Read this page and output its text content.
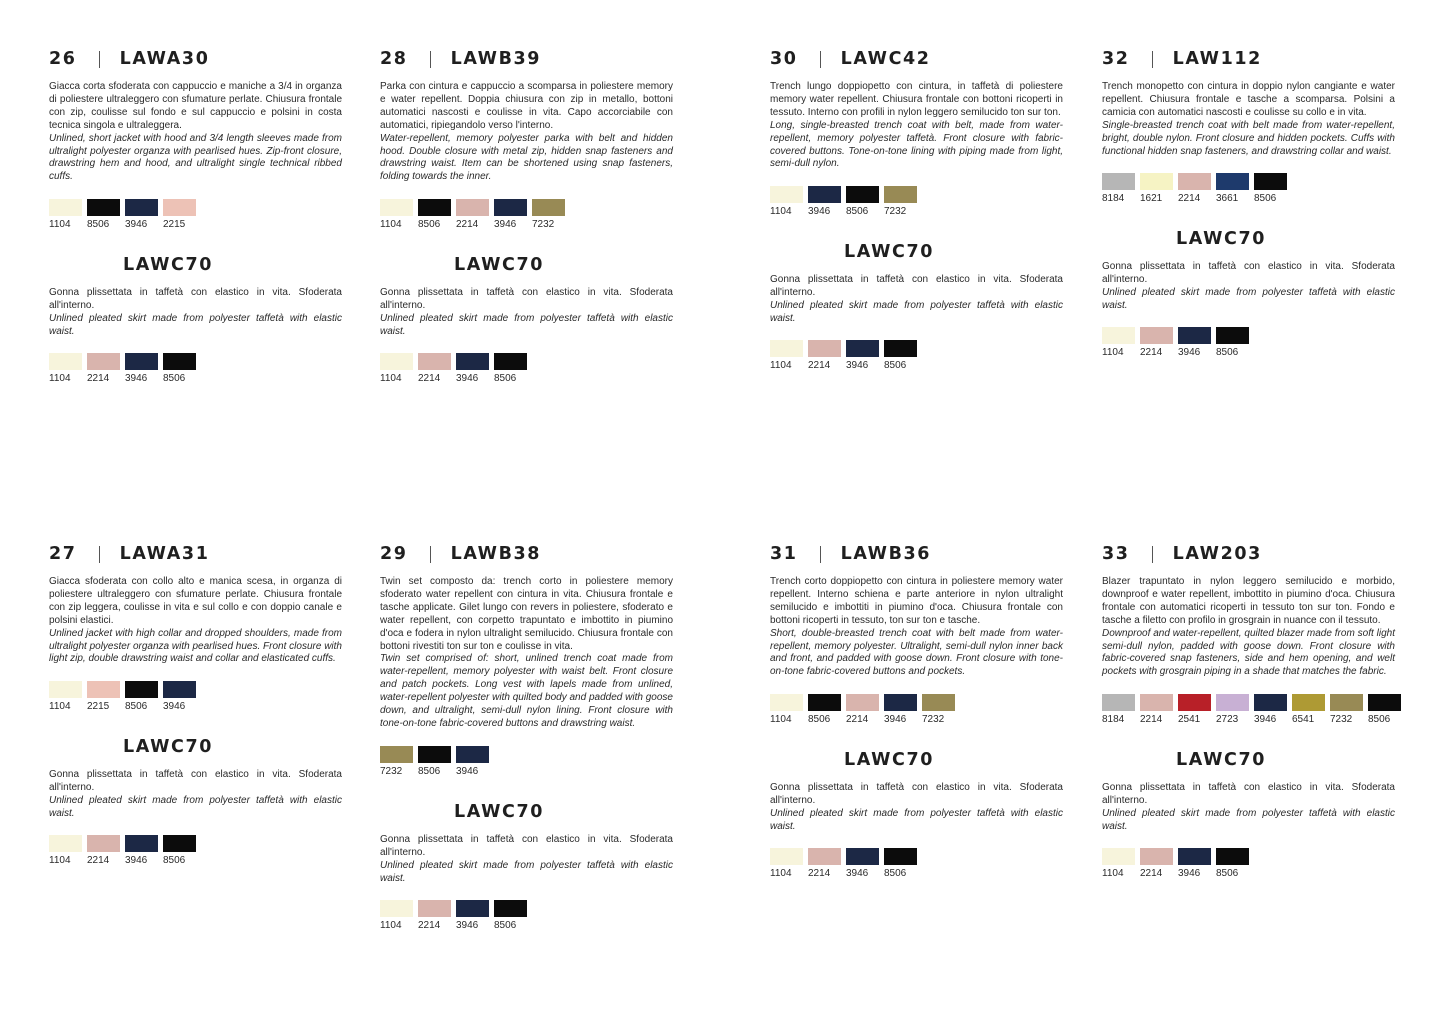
26 LAWA30

Giacca corta sfoderata con cappuccio e maniche a 3/4 in organza di poliestere ultraleggero con sfumature perlate. Chiusura frontale con zip, coulisse sul fondo e sul cappuccio e polsini in costa tecnica singola e ultraleggera.

Unlined, short jacket with hood and 3/4 length sleeves made from ultralight polyester organza with pearlised hues. Zip-front closure, drawstring hem and hood, and ultralight single technical ribbed cuffs.

1104	8506	3946	2215
LAWC70

Gonna plissettata in taffetà con elastico in vita. Sfoderata all'interno.

Unlined pleated skirt made from polyester taffetà with elastic waist.

1104	2214	3946	8506
28 LAWB39

Parka con cintura e cappuccio a scomparsa in poliestere memory e water repellent. Doppia chiusura con zip in metallo, bottoni automatici nascosti e coulisse in vita. Capo accorciabile con automatici, ripiegandolo verso l'interno.

Water-repellent, memory polyester parka with belt and hidden hood. Double closure with metal zip, hidden snap fasteners and drawstring waist. Item can be shortened using snap fasteners, folding towards the inner.

1104	8506	2214	3946	7232
LAWC70

Gonna plissettata in taffetà con elastico in vita. Sfoderata all'interno.

Unlined pleated skirt made from polyester taffetà with elastic waist.

1104	2214	3946	8506
30 LAWC42

Trench lungo doppiopetto con cintura, in taffetà di poliestere memory water repellent. Chiusura frontale con bottoni ricoperti in tessuto. Interno con profili in nylon leggero semilucido ton sur ton.

Long, single-breasted trench coat with belt, made from water-repellent, memory polyester taffetà. Front closure with fabric-covered buttons. Tone-on-tone lining with piping made from light, semi-dull nylon.

1104	3946	8506	7232
LAWC70

Gonna plissettata in taffetà con elastico in vita. Sfoderata all'interno.

Unlined pleated skirt made from polyester taffetà with elastic waist.

1104	2214	3946	8506
32 LAW112

Trench monopetto con cintura in doppio nylon cangiante e water repellent. Chiusura frontale e tasche a scomparsa. Polsini a camicia con automatici nascosti e coulisse su collo e in vita.

Single-breasted trench coat with belt made from water-repellent, bright, double nylon. Front closure and hidden pockets. Cuffs with functional hidden snap fasteners, and drawstring collar and waist.

8184	1621	2214	3661	8506
LAWC70

Gonna plissettata in taffetà con elastico in vita. Sfoderata all'interno.

Unlined pleated skirt made from polyester taffetà with elastic waist.

1104	2214	3946	8506
27 LAWA31

Giacca sfoderata con collo alto e manica scesa, in organza di poliestere ultraleggero con sfumature perlate. Chiusura frontale con zip leggera, coulisse in vita e sul collo e con doppio canale e polsini elastici.

Unlined jacket with high collar and dropped shoulders, made from ultralight polyester organza with pearlised hues. Front closure with light zip, double drawstring waist and collar and elasticated cuffs.

1104	2215	8506	3946
LAWC70

Gonna plissettata in taffetà con elastico in vita. Sfoderata all'interno.

Unlined pleated skirt made from polyester taffetà with elastic waist.

1104	2214	3946	8506
29 LAWB38

Twin set composto da: trench corto in poliestere memory sfoderato water repellent con cintura in vita. Chiusura frontale e tasche applicate. Gilet lungo con revers in poliestere, sfoderato e water repellent, con corpetto trapuntato e imbottito in piumino d'oca e fodera in nylon ultralight semilucido. Chiusura frontale con bottoni rivestiti ton sur ton e coulisse in vita.

Twin set comprised of: short, unlined trench coat made from water-repellent, memory polyester with waist belt. Front closure and patch pockets. Long vest with lapels made from unlined, water-repellent polyester with quilted body and padded with goose down, and ultralight, semi-dull nylon lining. Front closure with tone-on-tone fabric-covered buttons and drawstring waist.

7232	8506	3946
LAWC70

Gonna plissettata in taffetà con elastico in vita. Sfoderata all'interno.

Unlined pleated skirt made from polyester taffetà with elastic waist.

1104	2214	3946	8506
31 LAWB36

Trench corto doppiopetto con cintura in poliestere memory water repellent. Interno schiena e parte anteriore in nylon ultralight semilucido e imbottiti in piumino d'oca. Chiusura frontale con bottoni ricoperti in tessuto, ton sur ton e tasche.

Short, double-breasted trench coat with belt made from water-repellent, memory polyester. Ultralight, semi-dull nylon inner back and front, and padded with goose down. Front closure with tone-on-tone fabric-covered buttons and pockets.

1104	8506	2214	3946	7232
LAWC70

Gonna plissettata in taffetà con elastico in vita. Sfoderata all'interno.

Unlined pleated skirt made from polyester taffetà with elastic waist.

1104	2214	3946	8506
33 LAW203

Blazer trapuntato in nylon leggero semilucido e morbido, downproof e water repellent, imbottito in piumino d'oca. Chiusura frontale con automatici ricoperti in tessuto ton sur ton. Fondo e tasche a filetto con profilo in grosgrain in nuance con il tessuto.

Downproof and water-repellent, quilted blazer made from soft light semi-dull nylon, padded with goose down. Front closure with fabric-covered snap fasteners, side and hem opening, and welt pockets with grosgrain piping in a shade that matches the fabric.

8184	2214	2541	2723	3946	6541	7232	8506
LAWC70

Gonna plissettata in taffetà con elastico in vita. Sfoderata all'interno.

Unlined pleated skirt made from polyester taffetà with elastic waist.

1104	2214	3946	8506
